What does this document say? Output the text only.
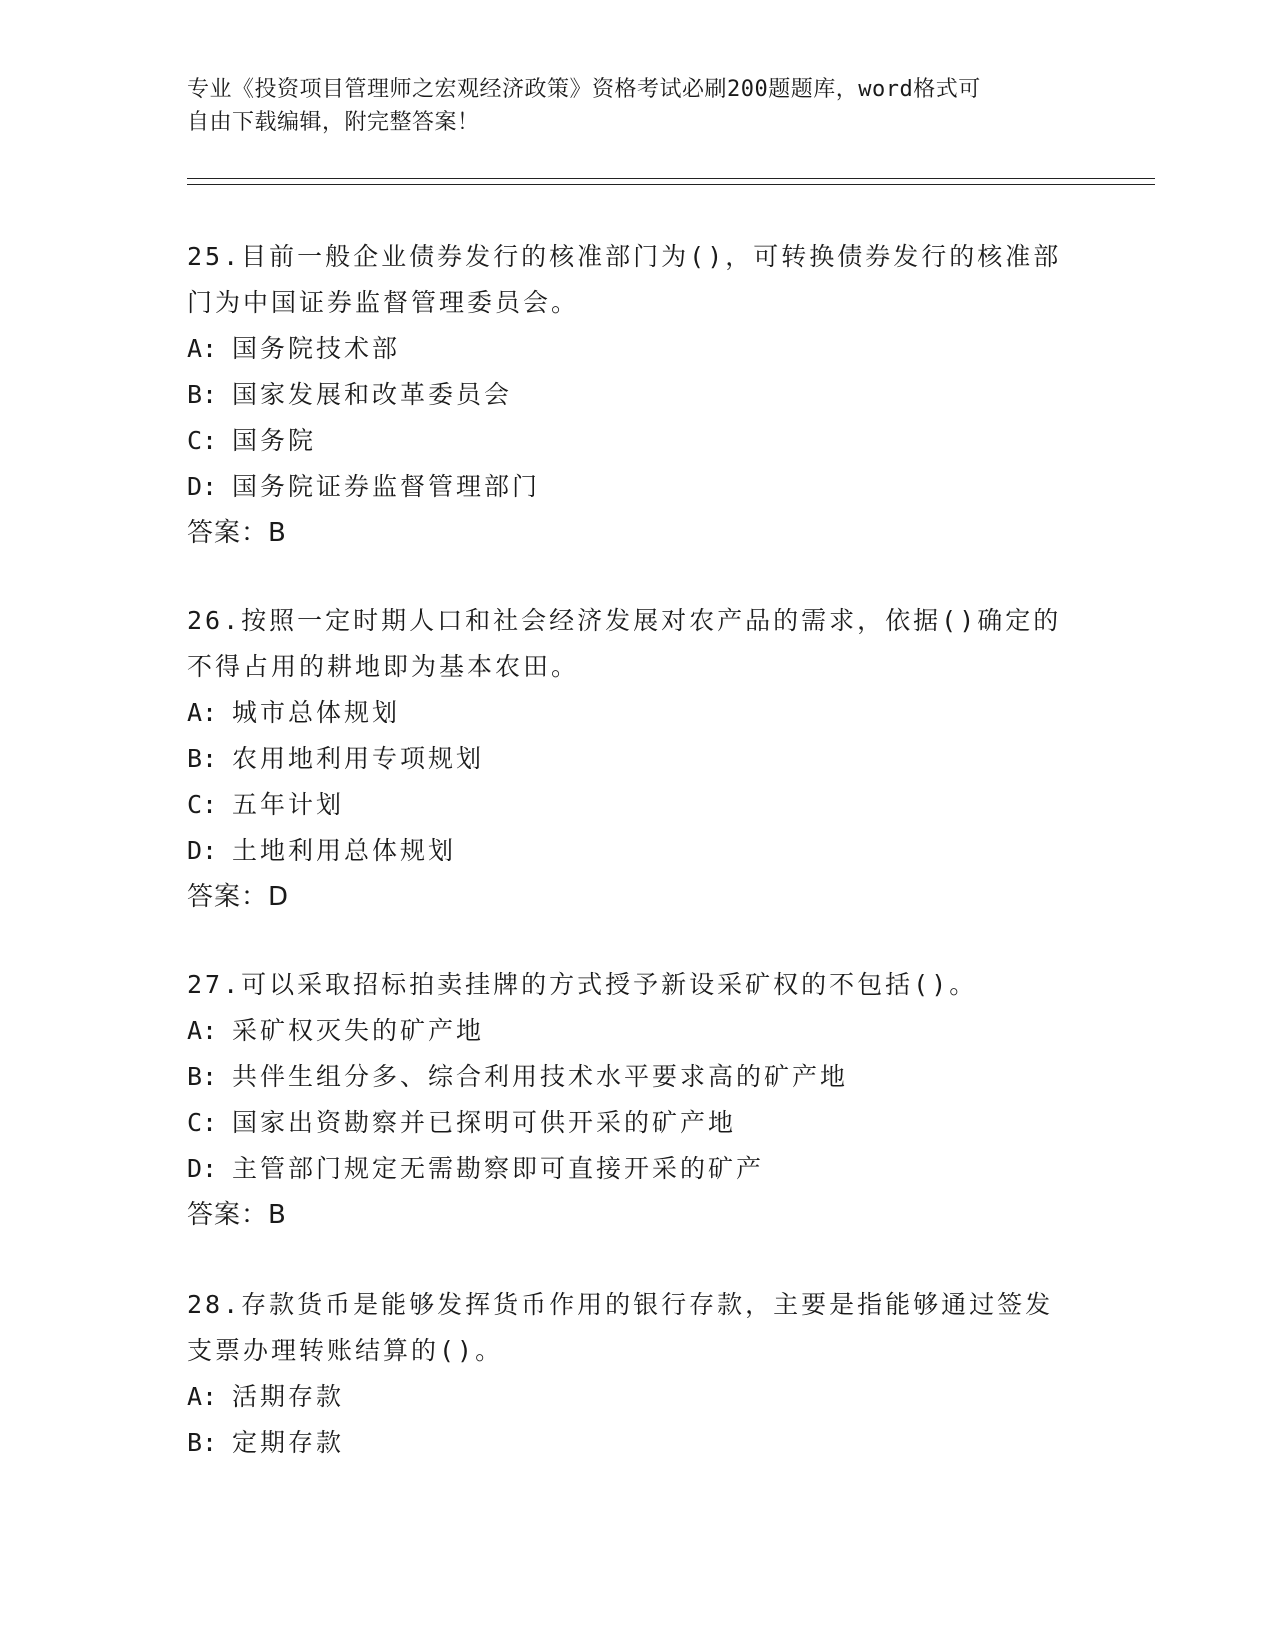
专业《投资项目管理师之宏观经济政策》资格考试必刷200题题库，word格式可
自由下载编辑，附完整答案！

25.目前一般企业债券发行的核准部门为()，可转换债券发行的核准部
门为中国证券监督管理委员会。

A: 国务院技术部

B: 国家发展和改革委员会

C: 国务院

D: 国务院证券监督管理部门

答案：B

26.按照一定时期人口和社会经济发展对农产品的需求，依据()确定的
不得占用的耕地即为基本农田。

A: 城市总体规划

B: 农用地利用专项规划

C: 五年计划

D: 土地利用总体规划

答案：D

27.可以采取招标拍卖挂牌的方式授予新设采矿权的不包括()。

A: 采矿权灭失的矿产地

B: 共伴生组分多、综合利用技术水平要求高的矿产地

C: 国家出资勘察并已探明可供开采的矿产地

D: 主管部门规定无需勘察即可直接开采的矿产

答案：B

28.存款货币是能够发挥货币作用的银行存款，主要是指能够通过签发
支票办理转账结算的()。

A: 活期存款

B: 定期存款
